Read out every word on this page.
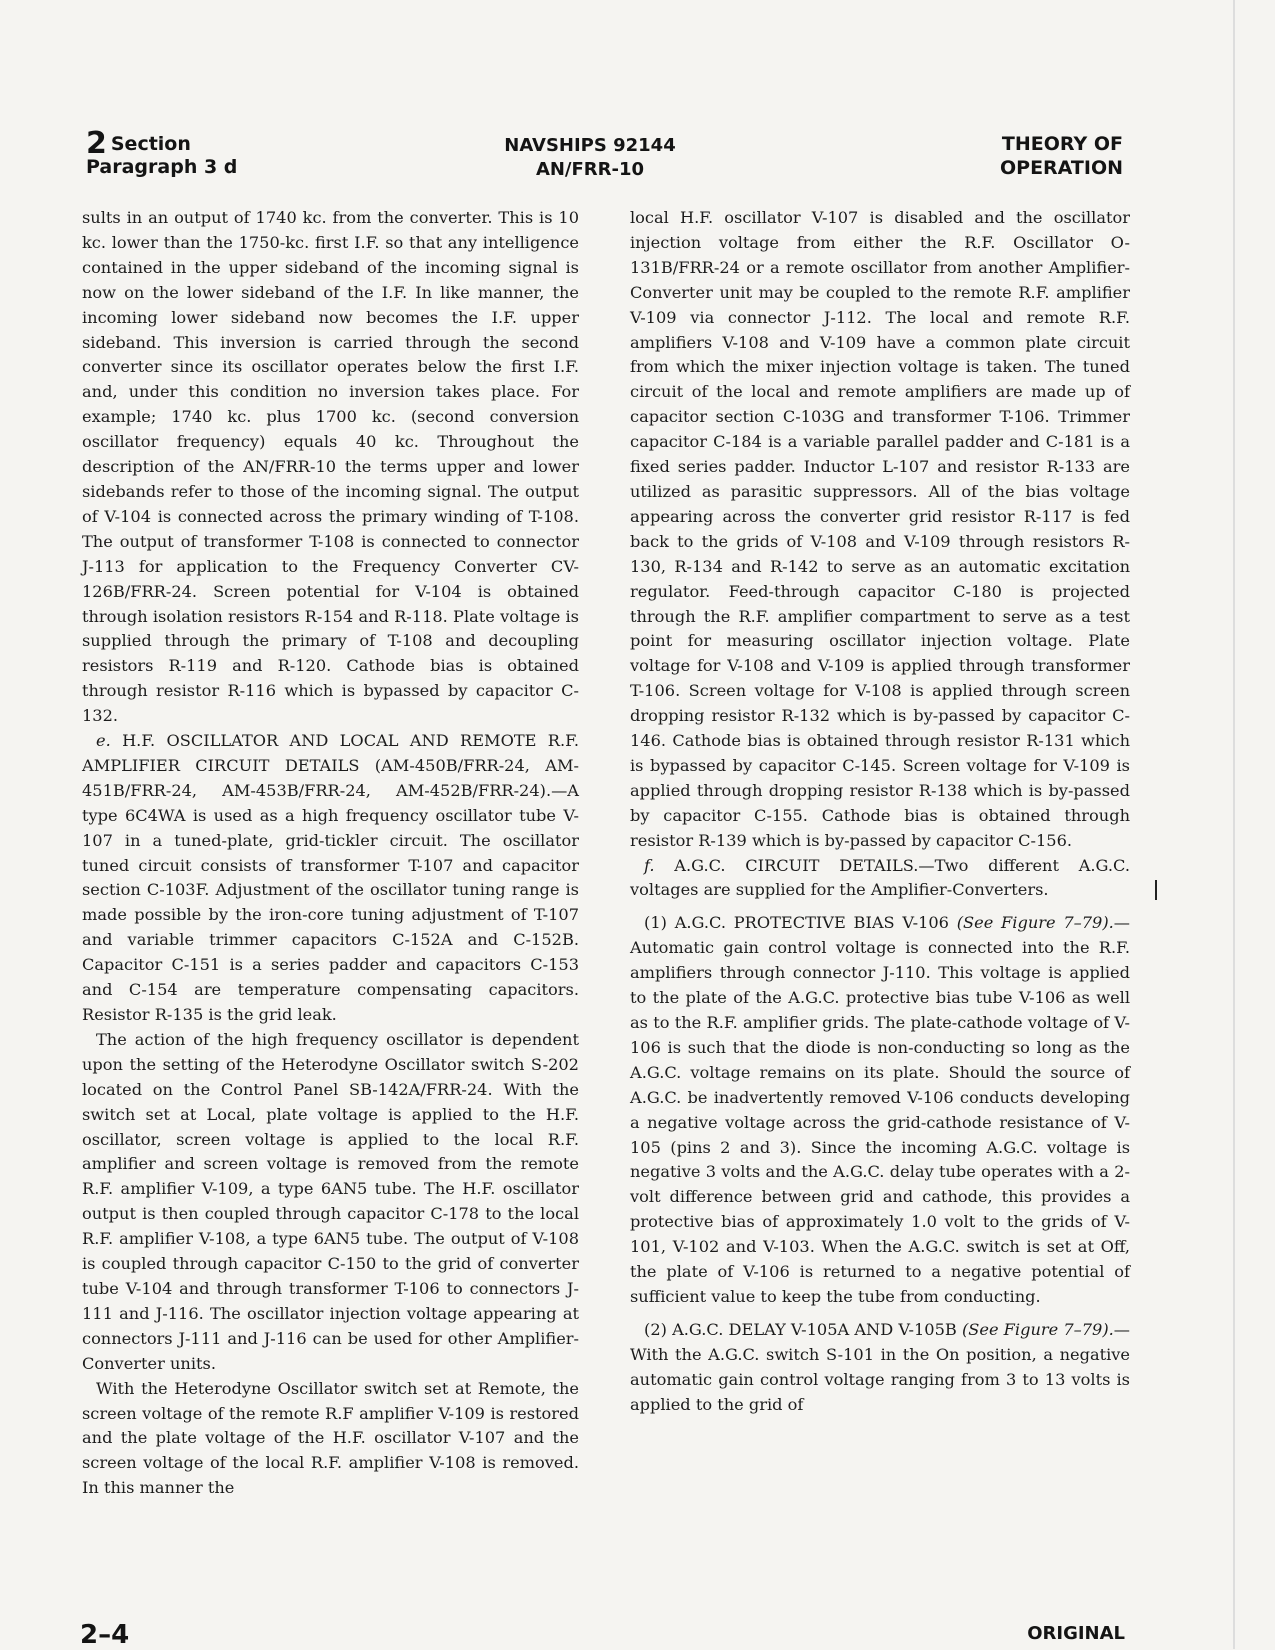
2 Section
Paragraph 3 d
NAVSHIPS 92144
AN/FRR-10
THEORY OF
OPERATION

sults in an output of 1740 kc. from the converter. This is 10 kc. lower than the 1750-kc. first I.F. so that any intelligence contained in the upper sideband of the incoming signal is now on the lower sideband of the I.F. In like manner, the incoming lower sideband now becomes the I.F. upper sideband. This inversion is carried through the second converter since its oscillator operates below the first I.F. and, under this condition no inversion takes place. For example; 1740 kc. plus 1700 kc. (second conversion oscillator frequency) equals 40 kc. Throughout the description of the AN/FRR-10 the terms upper and lower sidebands refer to those of the incoming signal. The output of V-104 is connected across the primary winding of T-108. The output of transformer T-108 is connected to connector J-113 for application to the Frequency Converter CV-126B/FRR-24. Screen potential for V-104 is obtained through isolation resistors R-154 and R-118. Plate voltage is supplied through the primary of T-108 and decoupling resistors R-119 and R-120. Cathode bias is obtained through resistor R-116 which is bypassed by capacitor C-132.

e. H.F. OSCILLATOR AND LOCAL AND REMOTE R.F. AMPLIFIER CIRCUIT DETAILS (AM-450B/FRR-24, AM-451B/FRR-24, AM-453B/FRR-24, AM-452B/FRR-24).—A type 6C4WA is used as a high frequency oscillator tube V-107 in a tuned-plate, grid-tickler circuit. The oscillator tuned circuit consists of transformer T-107 and capacitor section C-103F. Adjustment of the oscillator tuning range is made possible by the iron-core tuning adjustment of T-107 and variable trimmer capacitors C-152A and C-152B. Capacitor C-151 is a series padder and capacitors C-153 and C-154 are temperature compensating capacitors. Resistor R-135 is the grid leak.

The action of the high frequency oscillator is dependent upon the setting of the Heterodyne Oscillator switch S-202 located on the Control Panel SB-142A/FRR-24. With the switch set at Local, plate voltage is applied to the H.F. oscillator, screen voltage is applied to the local R.F. amplifier and screen voltage is removed from the remote R.F. amplifier V-109, a type 6AN5 tube. The H.F. oscillator output is then coupled through capacitor C-178 to the local R.F. amplifier V-108, a type 6AN5 tube. The output of V-108 is coupled through capacitor C-150 to the grid of converter tube V-104 and through transformer T-106 to connectors J-111 and J-116. The oscillator injection voltage appearing at connectors J-111 and J-116 can be used for other Amplifier-Converter units.

With the Heterodyne Oscillator switch set at Remote, the screen voltage of the remote R.F amplifier V-109 is restored and the plate voltage of the H.F. oscillator V-107 and the screen voltage of the local R.F. amplifier V-108 is removed. In this manner the

local H.F. oscillator V-107 is disabled and the oscillator injection voltage from either the R.F. Oscillator O-131B/FRR-24 or a remote oscillator from another Amplifier-Converter unit may be coupled to the remote R.F. amplifier V-109 via connector J-112. The local and remote R.F. amplifiers V-108 and V-109 have a common plate circuit from which the mixer injection voltage is taken. The tuned circuit of the local and remote amplifiers are made up of capacitor section C-103G and transformer T-106. Trimmer capacitor C-184 is a variable parallel padder and C-181 is a fixed series padder. Inductor L-107 and resistor R-133 are utilized as parasitic suppressors. All of the bias voltage appearing across the converter grid resistor R-117 is fed back to the grids of V-108 and V-109 through resistors R-130, R-134 and R-142 to serve as an automatic excitation regulator. Feed-through capacitor C-180 is projected through the R.F. amplifier compartment to serve as a test point for measuring oscillator injection voltage. Plate voltage for V-108 and V-109 is applied through transformer T-106. Screen voltage for V-108 is applied through screen dropping resistor R-132 which is by-passed by capacitor C-146. Cathode bias is obtained through resistor R-131 which is bypassed by capacitor C-145. Screen voltage for V-109 is applied through dropping resistor R-138 which is by-passed by capacitor C-155. Cathode bias is obtained through resistor R-139 which is by-passed by capacitor C-156.

f. A.G.C. CIRCUIT DETAILS.—Two different A.G.C. voltages are supplied for the Amplifier-Converters.

(1) A.G.C. PROTECTIVE BIAS V-106 (See Figure 7–79).—Automatic gain control voltage is connected into the R.F. amplifiers through connector J-110. This voltage is applied to the plate of the A.G.C. protective bias tube V-106 as well as to the R.F. amplifier grids. The plate-cathode voltage of V-106 is such that the diode is non-conducting so long as the A.G.C. voltage remains on its plate. Should the source of A.G.C. be inadvertently removed V-106 conducts developing a negative voltage across the grid-cathode resistance of V-105 (pins 2 and 3). Since the incoming A.G.C. voltage is negative 3 volts and the A.G.C. delay tube operates with a 2-volt difference between grid and cathode, this provides a protective bias of approximately 1.0 volt to the grids of V-101, V-102 and V-103. When the A.G.C. switch is set at Off, the plate of V-106 is returned to a negative potential of sufficient value to keep the tube from conducting.

(2) A.G.C. DELAY V-105A AND V-105B (See Figure 7–79).—With the A.G.C. switch S-101 in the On position, a negative automatic gain control voltage ranging from 3 to 13 volts is applied to the grid of

2–4	ORIGINAL
